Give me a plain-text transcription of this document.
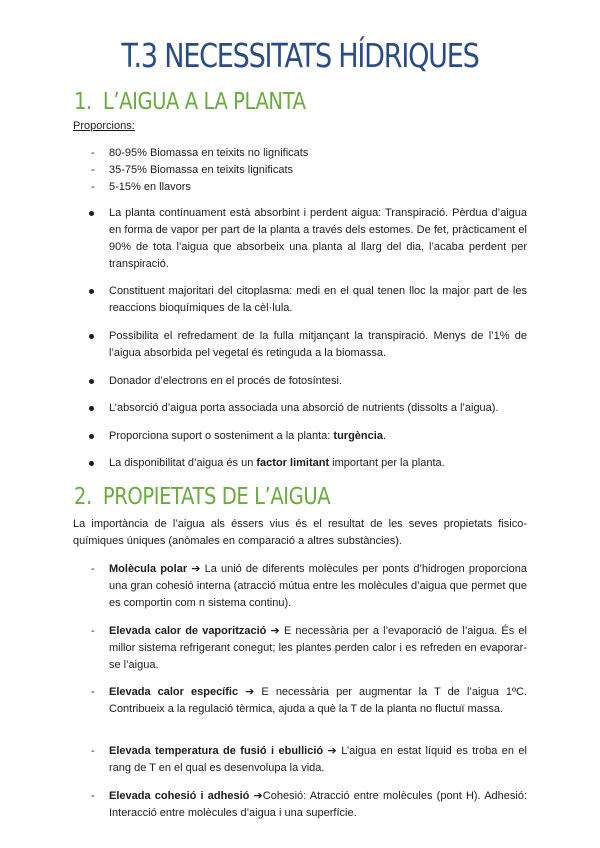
T.3 NECESSITATS HÍDRIQUES
1. L’AIGUA A LA PLANTA
Proporcions:
- 80-95% Biomassa en teixits no lignificats
- 35-75% Biomassa en teixits lignificats
- 5-15% en llavors
La planta contínuament està absorbint i perdent aigua: Transpiració. Pèrdua d’aigua en forma de vapor per part de la planta a través dels estomes. De fet, pràcticament el 90% de tota l’aigua que absorbeix una planta al llarg del dia, l’acaba perdent per transpiració.
Constituent majoritari del citoplasma: medi en el qual tenen lloc la major part de les reaccions bioquímiques de la cèl·lula.
Possibilita el refredament de la fulla mitjançant la transpiració. Menys de l’1% de l’aigua absorbida pel vegetal és retinguda a la biomassa.
Donador d’electrons en el procés de fotosíntesi.
L’absorció d’aigua porta associada una absorció de nutrients (dissolts a l’aigua).
Proporciona suport o sosteniment a la planta: turgència.
La disponibilitat d’aigua és un factor limitant important per la planta.
2. PROPIETATS DE L’AIGUA
La importància de l’aigua als éssers vius és el resultat de les seves propietats fisico-químiques úniques (anòmales en comparació a altres substàncies).
- Molècula polar ➔ La unió de diferents molècules per ponts d’hidrogen proporciona una gran cohesió interna (atracció mútua entre les molècules d’aigua que permet que es comportin com n sistema continu).
- Elevada calor de vaporització ➔ E necessària per a l’evaporació de l’aigua. És el millor sistema refrigerant conegut; les plantes perden calor i es refreden en evaporar-se l’aigua.
- Elevada calor específic ➔ E necessària per augmentar la T de l’aigua 1ºC. Contribueix a la regulació tèrmica, ajuda a què la T de la planta no fluctuï massa.
- Elevada temperatura de fusió i ebullició ➔ L’aigua en estat líquid es troba en el rang de T en el qual es desenvolupa la vida.
- Elevada cohesió i adhesió ➔Cohesió: Atracció entre molècules (pont H). Adhesió: Interacció entre molècules d’aigua i una superfície.
